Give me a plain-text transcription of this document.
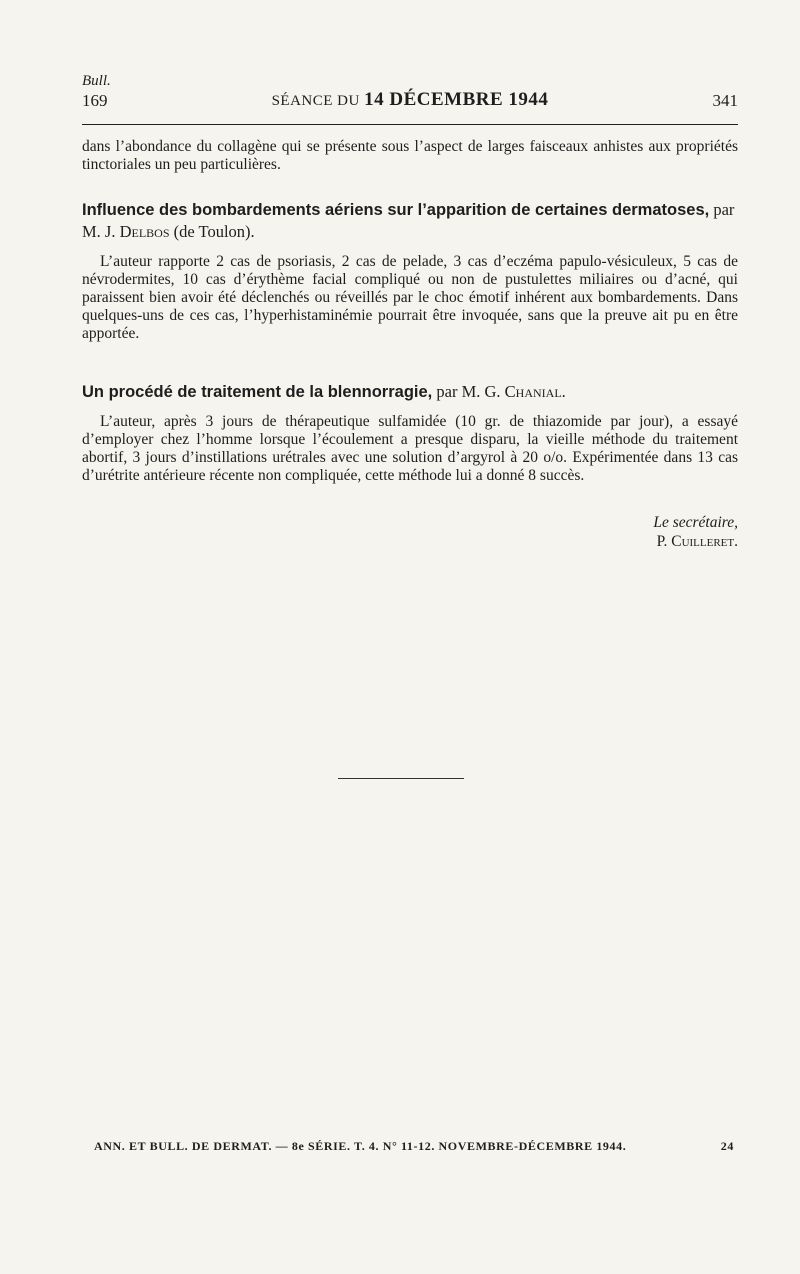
Bull.
169	SÉANCE DU 14 DÉCEMBRE 1944	341

dans l’abondance du collagène qui se présente sous l’aspect de larges faisceaux anhistes aux propriétés tinctoriales un peu particulières.

Influence des bombardements aériens sur l’apparition de certaines dermatoses, par M. J. Delbos (de Toulon).

L’auteur rapporte 2 cas de psoriasis, 2 cas de pelade, 3 cas d’eczéma papulo-vésiculeux, 5 cas de névrodermites, 10 cas d’érythème facial compliqué ou non de pustulettes miliaires ou d’acné, qui paraissent bien avoir été déclenchés ou réveillés par le choc émotif inhérent aux bombardements. Dans quelques-uns de ces cas, l’hyperhistaminémie pourrait être invoquée, sans que la preuve ait pu en être apportée.

Un procédé de traitement de la blennorragie, par M. G. Chanial.

L’auteur, après 3 jours de thérapeutique sulfamidée (10 gr. de thiazomide par jour), a essayé d’employer chez l’homme lorsque l’écoulement a presque disparu, la vieille méthode du traitement abortif, 3 jours d’instillations urétrales avec une solution d’argyrol à 20 o/o. Expérimentée dans 13 cas d’urétrite antérieure récente non compliquée, cette méthode lui a donné 8 succès.

Le secrétaire,
P. Cuilleret.
ANN. ET BULL. DE DERMAT. — 8e SÉRIE. T. 4. N° 11-12. NOVEMBRE-DÉCEMBRE 1944.	24
